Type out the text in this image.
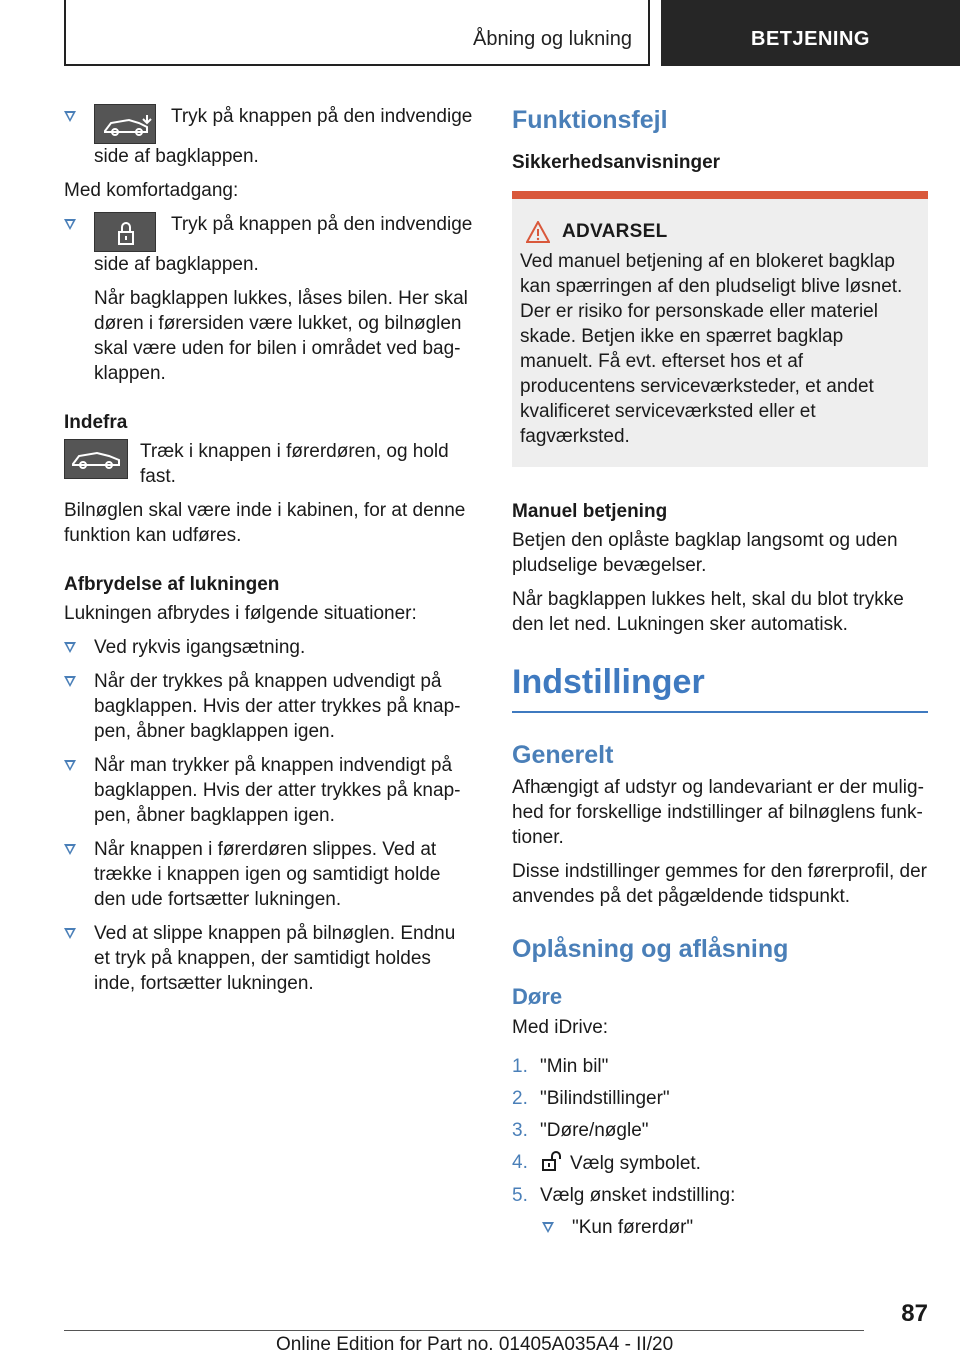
Åbning og lukning	BETJENING
Tryk på knappen på den indvendige side af bagklappen.

Med komfortadgang:

Tryk på knappen på den indvendige side af bagklappen.

Når bagklappen lukkes, låses bilen. Her skal døren i førersiden være lukket, og bilnøglen skal være uden for bilen i området ved bagklappen.

Indefra

Træk i knappen i førerdøren, og hold fast.

Bilnøglen skal være inde i kabinen, for at denne funktion kan udføres.

Afbrydelse af lukningen

Lukningen afbrydes i følgende situationer:

Ved rykvis igangsætning.
Når der trykkes på knappen udvendigt på bagklappen. Hvis der atter trykkes på knappen, åbner bagklappen igen.
Når man trykker på knappen indvendigt på bagklappen. Hvis der atter trykkes på knappen, åbner bagklappen igen.
Når knappen i førerdøren slippes. Ved at trække i knappen igen og samtidigt holde den ude fortsætter lukningen.
Ved at slippe knappen på bilnøglen. Endnu et tryk på knappen, der samtidigt holdes inde, fortsætter lukningen.
Funktionsfejl
Sikkerhedsanvisninger
ADVARSEL

Ved manuel betjening af en blokeret bagklap kan spærringen af den pludseligt blive løsnet. Der er risiko for personskade eller materiel skade. Betjen ikke en spærret bagklap manuelt. Få evt. efterset hos et af producentens serviceværksteder, et andet kvalificeret serviceværksted eller et fagværksted.

Manuel betjening

Betjen den oplåste bagklap langsomt og uden pludselige bevægelser.

Når bagklappen lukkes helt, skal du blot trykke den let ned. Lukningen sker automatisk.

Indstillinger
Generelt

Afhængigt af udstyr og landevariant er der mulighed for forskellige indstillinger af bilnøglens funktioner.

Disse indstillinger gemmes for den førerprofil, der anvendes på det pågældende tidspunkt.

Oplåsning og aflåsning
Døre

Med iDrive:

1. "Min bil"
2. "Bilindstillinger"
3. "Døre/nøgle"
4. Vælg symbolet.
5. Vælg ønsket indstilling:
"Kun førerdør"
87
Online Edition for Part no. 01405A035A4 - II/20
